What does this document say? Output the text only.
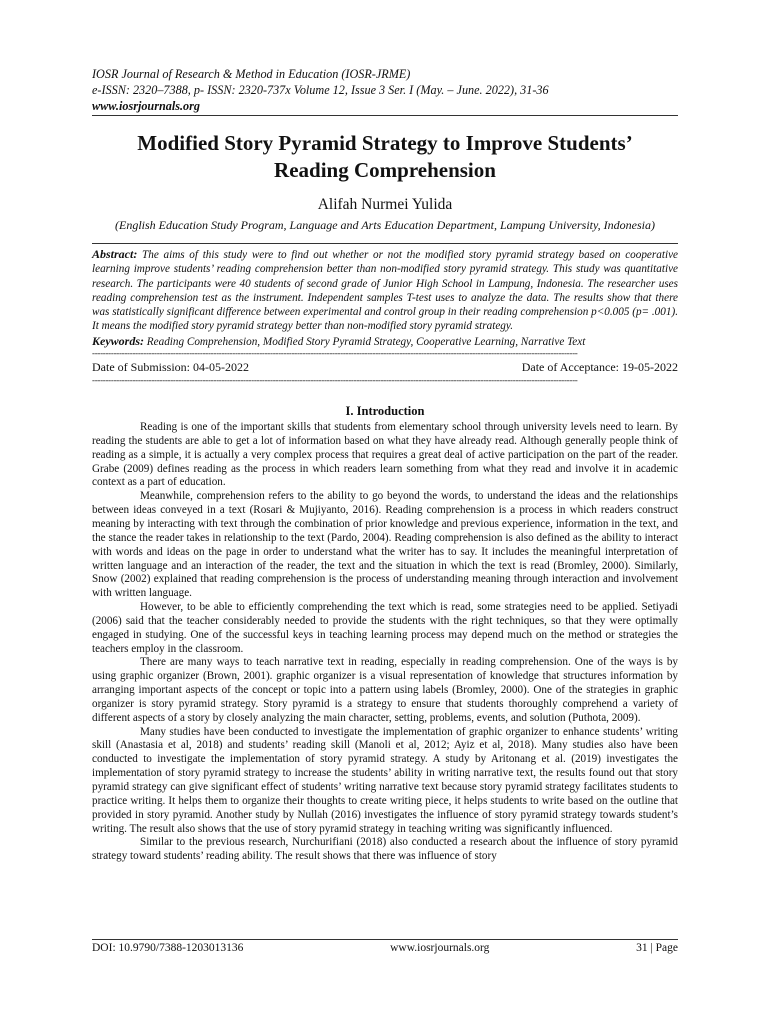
IOSR Journal of Research & Method in Education (IOSR-JRME)
e-ISSN: 2320–7388, p- ISSN: 2320-737x Volume 12, Issue 3 Ser. I (May. – June. 2022), 31-36
www.iosrjournals.org
Modified Story Pyramid Strategy to Improve Students’
Reading Comprehension
Alifah Nurmei Yulida
(English Education Study Program, Language and Arts Education Department, Lampung University, Indonesia)
Abstract: The aims of this study were to find out whether or not the modified story pyramid strategy based on cooperative learning improve students’ reading comprehension better than non-modified story pyramid strategy. This study was quantitative research. The participants were 40 students of second grade of Junior High School in Lampung, Indonesia. The researcher uses reading comprehension test as the instrument. Independent samples T-test uses to analyze the data. The results show that there was statistically significant difference between experimental and control group in their reading comprehension p<0.005 (p= .001). It means the modified story pyramid strategy better than non-modified story pyramid strategy.
Keywords: Reading Comprehension, Modified Story Pyramid Strategy, Cooperative Learning, Narrative Text
------------------------------------------------------------------------------------------------------------------------------------------------------------------------------------
Date of Submission: 04-05-2022	Date of Acceptance: 19-05-2022
------------------------------------------------------------------------------------------------------------------------------------------------------------------------------------
I. Introduction

Reading is one of the important skills that students from elementary school through university levels need to learn. By reading the students are able to get a lot of information based on what they have already read. Although generally people think of reading as a simple, it is actually a very complex process that requires a great deal of active participation on the part of the reader. Grabe (2009) defines reading as the process in which readers learn something from what they read and involve it in academic context as a part of education.

Meanwhile, comprehension refers to the ability to go beyond the words, to understand the ideas and the relationships between ideas conveyed in a text (Rosari & Mujiyanto, 2016). Reading comprehension is a process in which readers construct meaning by interacting with text through the combination of prior knowledge and previous experience, information in the text, and the stance the reader takes in relationship to the text (Pardo, 2004). Reading comprehension is also defined as the ability to interact with words and ideas on the page in order to understand what the writer has to say. It includes the meaningful interpretation of written language and an interaction of the reader, the text and the situation in which the text is read (Bromley, 2000). Similarly, Snow (2002) explained that reading comprehension is the process of understanding meaning through interaction and involvement with written language.

However, to be able to efficiently comprehending the text which is read, some strategies need to be applied. Setiyadi (2006) said that the teacher considerably needed to provide the students with the right techniques, so that they were optimally engaged in studying. One of the successful keys in teaching learning process may depend much on the method or strategies the teachers employ in the classroom.

There are many ways to teach narrative text in reading, especially in reading comprehension. One of the ways is by using graphic organizer (Brown, 2001). graphic organizer is a visual representation of knowledge that structures information by arranging important aspects of the concept or topic into a pattern using labels (Bromley, 2000). One of the strategies in graphic organizer is story pyramid strategy. Story pyramid is a strategy to ensure that students thoroughly comprehend a variety of different aspects of a story by closely analyzing the main character, setting, problems, events, and solution (Puthota, 2009).

Many studies have been conducted to investigate the implementation of graphic organizer to enhance students’ writing skill (Anastasia et al, 2018) and students’ reading skill (Manoli et al, 2012; Ayiz et al, 2018). Many studies also have been conducted to investigate the implementation of story pyramid strategy. A study by Aritonang et al. (2019) investigates the implementation of story pyramid strategy to increase the students’ ability in writing narrative text, the results found out that story pyramid strategy can give significant effect of students’ writing narrative text because story pyramid strategy facilitates students to practice writing. It helps them to organize their thoughts to create writing piece, it helps students to write based on the outline that provided in story pyramid. Another study by Nullah (2016) investigates the influence of story pyramid strategy towards student’s writing. The result also shows that the use of story pyramid strategy in teaching writing was significantly influenced.

Similar to the previous research, Nurchurifiani (2018) also conducted a research about the influence of story pyramid strategy toward students’ reading ability. The result shows that there was influence of story

DOI: 10.9790/7388-1203013136	www.iosrjournals.org	31 | Page
